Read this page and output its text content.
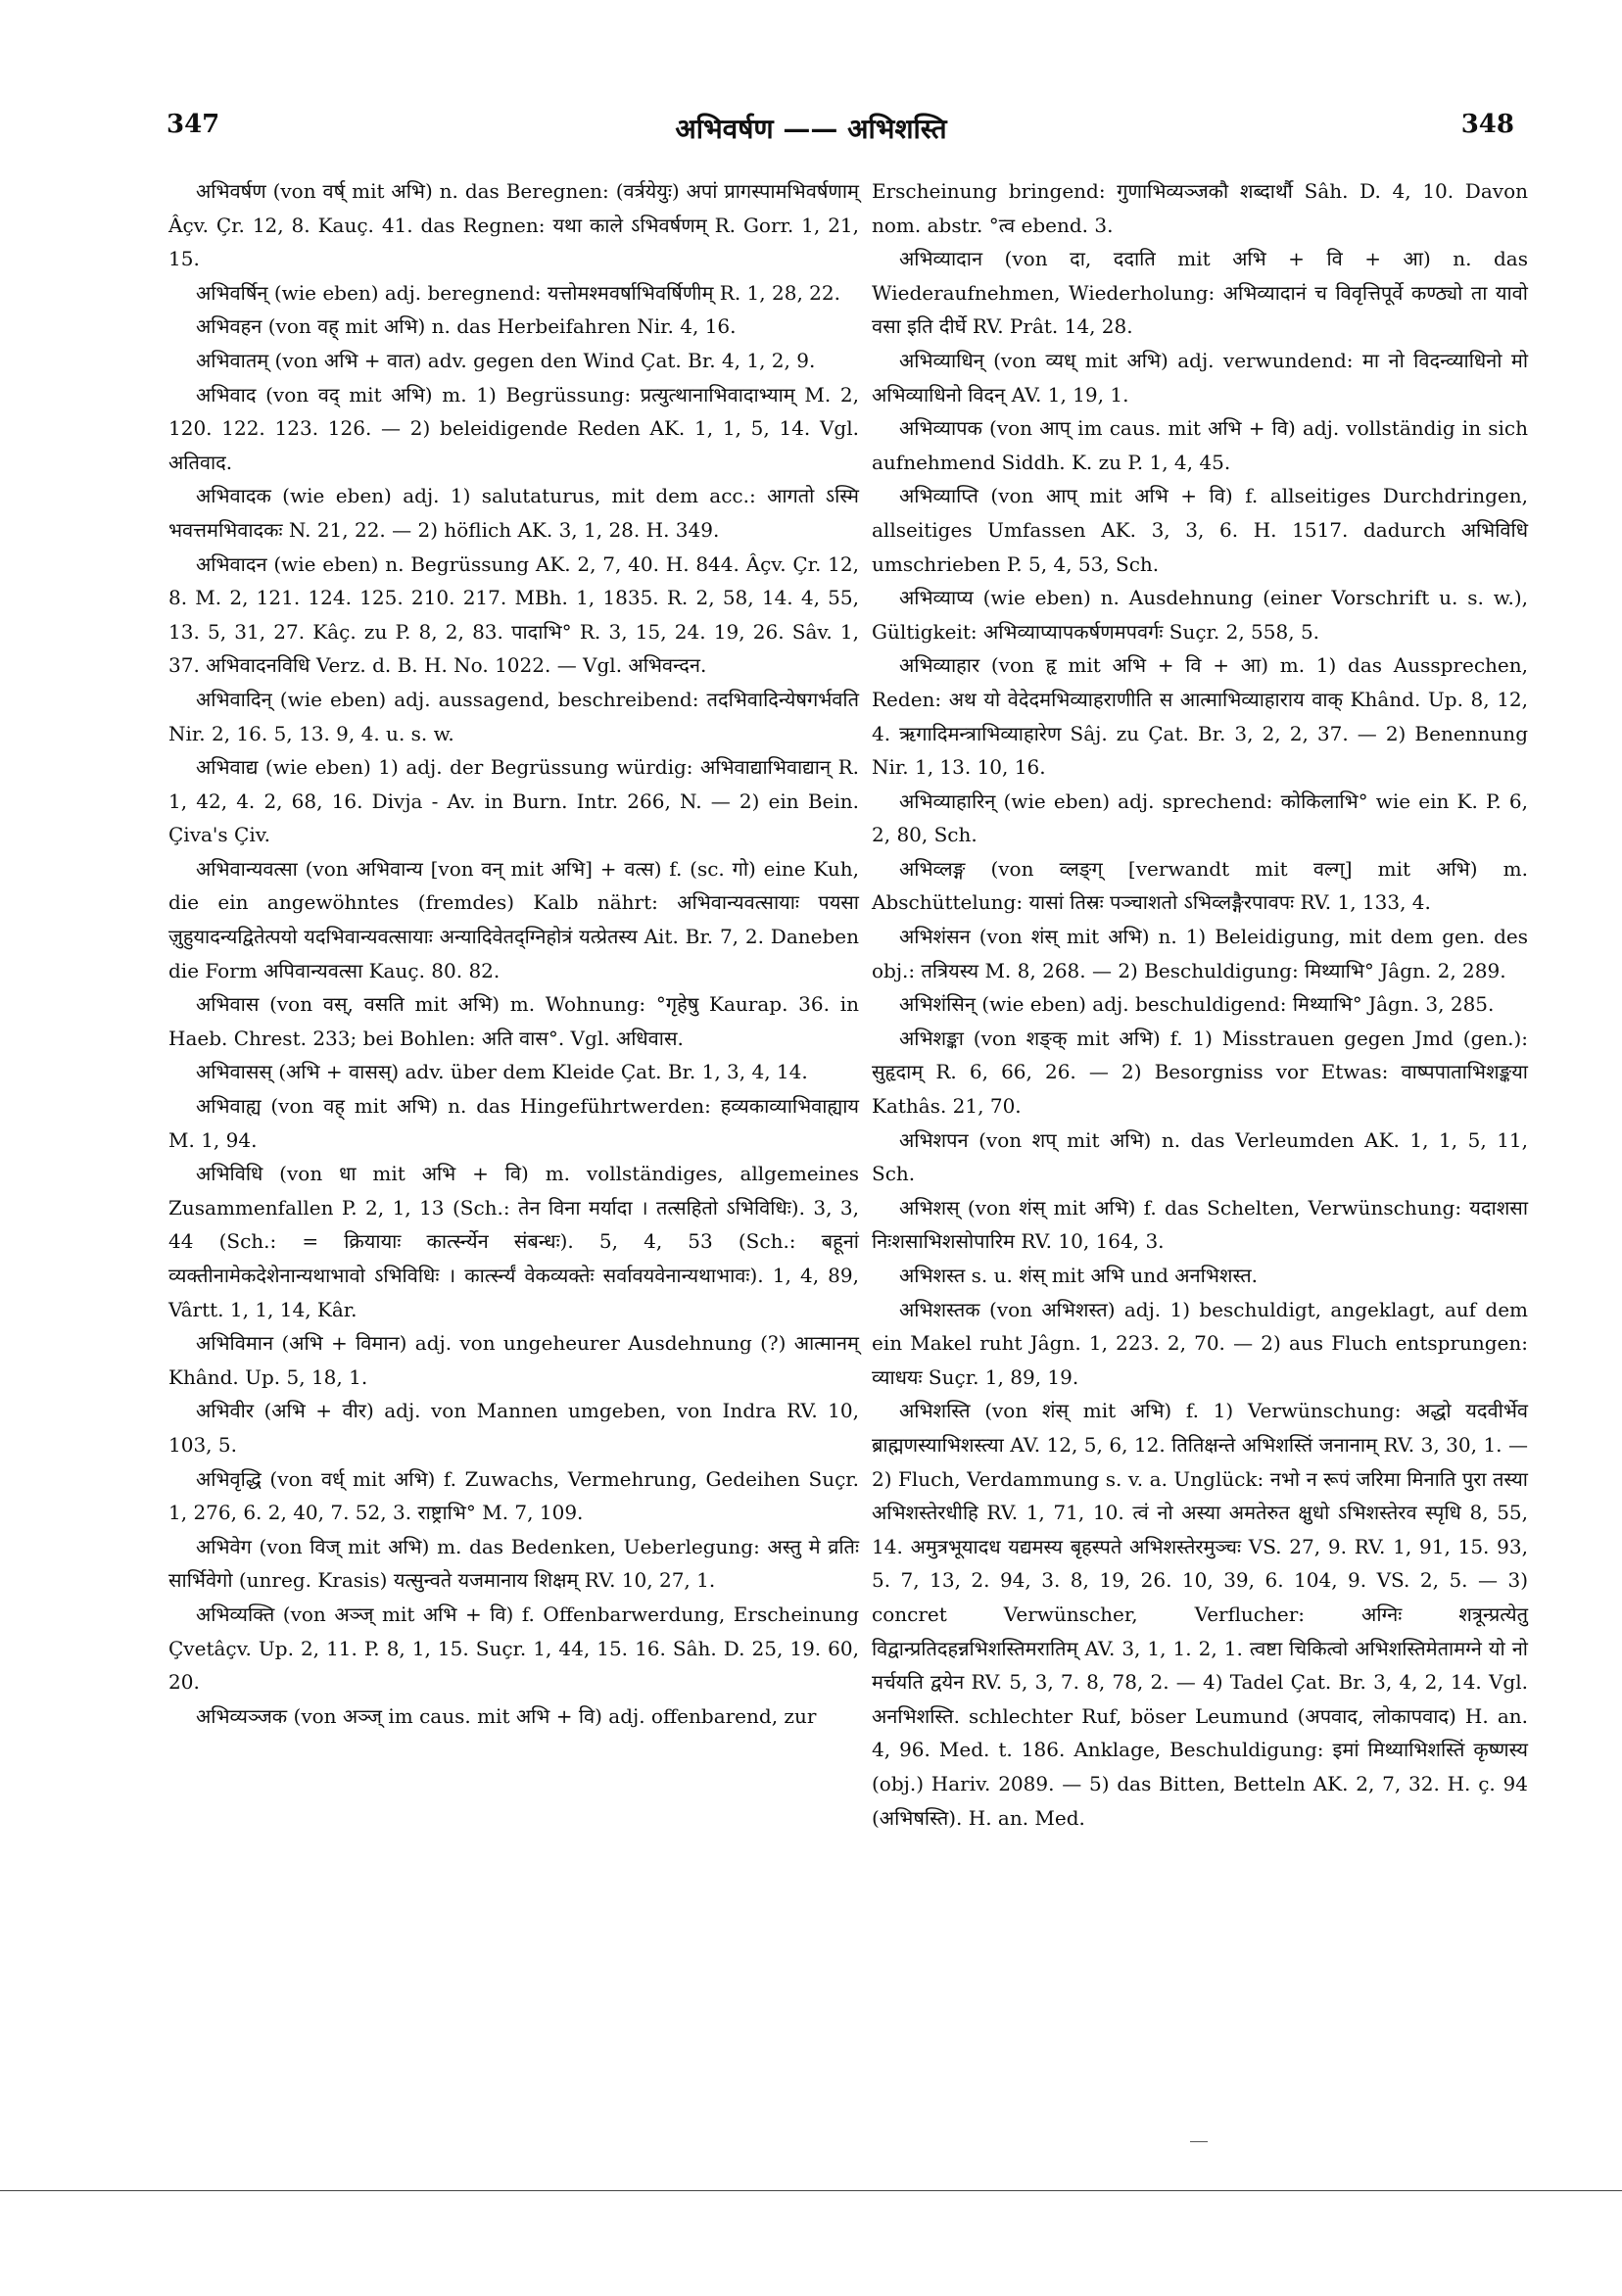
347	अभिवर्षण —— अभिशस्ति	348

अभिवर्षण (von वर्ष् mit अभि) n. das Beregnen: (वर्त्रयेयुः) अपां प्रागस्पामभिवर्षणाम् Âçv. Çr. 12, 8. Kauç. 41. das Regnen: यथा काले ऽभिवर्षणम् R. Gorr. 1, 21, 15.

अभिवर्षिन् (wie eben) adj. beregnend: यत्तोमश्मवर्षाभिवर्षिणीम् R. 1, 28, 22.

अभिवहन (von वह् mit अभि) n. das Herbeifahren Nir. 4, 16.

अभिवातम् (von अभि + वात) adv. gegen den Wind Çat. Br. 4, 1, 2, 9.

अभिवाद (von वद् mit अभि) m. 1) Begrüssung: प्रत्युत्थानाभिवादाभ्याम् M. 2, 120. 122. 123. 126. — 2) beleidigende Reden AK. 1, 1, 5, 14. Vgl. अतिवाद.

अभिवादक (wie eben) adj. 1) salutaturus, mit dem acc.: आगतो ऽस्मि भवत्तमभिवादकः N. 21, 22. — 2) höflich AK. 3, 1, 28. H. 349.

अभिवादन (wie eben) n. Begrüssung AK. 2, 7, 40. H. 844. Âçv. Çr. 12, 8. M. 2, 121. 124. 125. 210. 217. MBh. 1, 1835. R. 2, 58, 14. 4, 55, 13. 5, 31, 27. Kâç. zu P. 8, 2, 83. पादाभि° R. 3, 15, 24. 19, 26. Sâv. 1, 37. अभिवादनविधि Verz. d. B. H. No. 1022. — Vgl. अभिवन्दन.

अभिवादिन् (wie eben) adj. aussagend, beschreibend: तदभिवादिन्येषगर्भवति Nir. 2, 16. 5, 13. 9, 4. u. s. w.

अभिवाद्य (wie eben) 1) adj. der Begrüssung würdig: अभिवाद्याभिवाद्यान् R. 1, 42, 4. 2, 68, 16. Divja - Av. in Burn. Intr. 266, N. — 2) ein Bein. Çiva's Çiv.

अभिवान्यवत्सा (von अभिवान्य [von वन् mit अभि] + वत्स) f. (sc. गो) eine Kuh, die ein angewöhntes (fremdes) Kalb nährt: अभिवान्यवत्सायाः पयसा ज़ुहुयादन्यद्वितेत्पयो यदभिवान्यवत्सायाः अन्यादिवेतद्ग्निहोत्रं यत्प्रेतस्य Ait. Br. 7, 2. Daneben die Form अपिवान्यवत्सा Kauç. 80. 82.

अभिवास (von वस्, वसति mit अभि) m. Wohnung: °गृहेषु Kaurap. 36. in Haeb. Chrest. 233; bei Bohlen: अति वास°. Vgl. अधिवास.

अभिवासस् (अभि + वासस्) adv. über dem Kleide Çat. Br. 1, 3, 4, 14.

अभिवाह्य (von वह् mit अभि) n. das Hingeführtwerden: हव्यकाव्याभिवाह्याय M. 1, 94.

अभिविधि (von धा mit अभि + वि) m. vollständiges, allgemeines Zusammenfallen P. 2, 1, 13 (Sch.: तेन विना मर्यादा । तत्सहितो ऽभिविधिः). 3, 3, 44 (Sch.: = क्रियायाः कार्त्स्न्येन संबन्धः). 5, 4, 53 (Sch.: बहूनां व्यक्तीनामेकदेशेनान्यथाभावो ऽभिविधिः । कार्त्स्न्यं वेकव्यक्तेः सर्वावयवेनान्यथाभावः). 1, 4, 89, Vârtt. 1, 1, 14, Kâr.

अभिविमान (अभि + विमान) adj. von ungeheurer Ausdehnung (?) आत्मानम् Khând. Up. 5, 18, 1.

अभिवीर (अभि + वीर) adj. von Mannen umgeben, von Indra RV. 10, 103, 5.

अभिवृद्धि (von वर्ध् mit अभि) f. Zuwachs, Vermehrung, Gedeihen Suçr. 1, 276, 6. 2, 40, 7. 52, 3. राष्ट्राभि° M. 7, 109.

अभिवेग (von विज् mit अभि) m. das Bedenken, Ueberlegung: अस्तु मे व्रतिः सार्भिवेगो (unreg. Krasis) यत्सुन्वते यजमानाय शिक्षम् RV. 10, 27, 1.

अभिव्यक्ति (von अञ्ज् mit अभि + वि) f. Offenbarwerdung, Erscheinung Çvetâçv. Up. 2, 11. P. 8, 1, 15. Suçr. 1, 44, 15. 16. Sâh. D. 25, 19. 60, 20.

अभिव्यञ्जक (von अञ्ज् im caus. mit अभि + वि) adj. offenbarend, zur

Erscheinung bringend: गुणाभिव्यञ्जकौ शब्दार्थौ Sâh. D. 4, 10. Davon nom. abstr. °त्व ebend. 3.

अभिव्यादान (von दा, ददाति mit अभि + वि + आ) n. das Wiederaufnehmen, Wiederholung: अभिव्यादानं च विवृत्तिपूर्वे कण्ठ्यो ता यावो वसा इति दीर्घे RV. Prât. 14, 28.

अभिव्याधिन् (von व्यध् mit अभि) adj. verwundend: मा नो विदन्व्याधिनो मो अभिव्याधिनो विदन् AV. 1, 19, 1.

अभिव्यापक (von आप् im caus. mit अभि + वि) adj. vollständig in sich aufnehmend Siddh. K. zu P. 1, 4, 45.

अभिव्याप्ति (von आप् mit अभि + वि) f. allseitiges Durchdringen, allseitiges Umfassen AK. 3, 3, 6. H. 1517. dadurch अभिविधि umschrieben P. 5, 4, 53, Sch.

अभिव्याप्य (wie eben) n. Ausdehnung (einer Vorschrift u. s. w.), Gültigkeit: अभिव्याप्यापकर्षणमपवर्गः Suçr. 2, 558, 5.

अभिव्याहार (von हृ mit अभि + वि + आ) m. 1) das Aussprechen, Reden: अथ यो वेदेदमभिव्याहराणीति स आत्माभिव्याहाराय वाक् Khând. Up. 8, 12, 4. ऋगादिमन्त्राभिव्याहारेण Sâj. zu Çat. Br. 3, 2, 2, 37. — 2) Benennung Nir. 1, 13. 10, 16.

अभिव्याहारिन् (wie eben) adj. sprechend: कोकिलाभि° wie ein K. P. 6, 2, 80, Sch.

अभिव्लङ्ग (von व्लङ्ग् [verwandt mit वल्ग्] mit अभि) m. Abschüttelung: यासां तिस्रः पञ्चाशतो ऽभिव्लङ्गैरपावपः RV. 1, 133, 4.

अभिशंसन (von शंस् mit अभि) n. 1) Beleidigung, mit dem gen. des obj.: तत्रियस्य M. 8, 268. — 2) Beschuldigung: मिथ्याभि° Jâgn. 2, 289.

अभिशंसिन् (wie eben) adj. beschuldigend: मिथ्याभि° Jâgn. 3, 285.

अभिशङ्का (von शङ्क् mit अभि) f. 1) Misstrauen gegen Jmd (gen.): सुहृदाम् R. 6, 66, 26. — 2) Besorgniss vor Etwas: वाष्पपाताभिशङ्कया Kathâs. 21, 70.

अभिशपन (von शप् mit अभि) n. das Verleumden AK. 1, 1, 5, 11, Sch.

अभिशस् (von शंस् mit अभि) f. das Schelten, Verwünschung: यदाशसा निःशसाभिशसोपारिम RV. 10, 164, 3.

अभिशस्त s. u. शंस् mit अभि und अनभिशस्त.

अभिशस्तक (von अभिशस्त) adj. 1) beschuldigt, angeklagt, auf dem ein Makel ruht Jâgn. 1, 223. 2, 70. — 2) aus Fluch entsprungen: व्याधयः Suçr. 1, 89, 19.

अभिशस्ति (von शंस् mit अभि) f. 1) Verwünschung: अद्धो यदवीर्भेव ब्राह्मणस्याभिशस्त्या AV. 12, 5, 6, 12. तितिक्षन्ते अभिशस्तिं जनानाम् RV. 3, 30, 1. — 2) Fluch, Verdammung s. v. a. Unglück: नभो न रूपं जरिमा मिनाति पुरा तस्या अभिशस्तेरधीहि RV. 1, 71, 10. त्वं नो अस्या अमतेरुत क्षुधो ऽभिशस्तेरव स्पृधि 8, 55, 14. अमुत्रभूयादध यद्यमस्य बृहस्पते अभिशस्तेरमुञ्चः VS. 27, 9. RV. 1, 91, 15. 93, 5. 7, 13, 2. 94, 3. 8, 19, 26. 10, 39, 6. 104, 9. VS. 2, 5. — 3) concret Verwünscher, Verflucher: अग्निः शत्रून्प्रत्येतु विद्वान्प्रतिदहन्नभिशस्तिमरातिम् AV. 3, 1, 1. 2, 1. त्वष्टा चिकित्वो अभिशस्तिमेतामग्ने यो नो मर्चयति द्वयेन RV. 5, 3, 7. 8, 78, 2. — 4) Tadel Çat. Br. 3, 4, 2, 14. Vgl. अनभिशस्ति. schlechter Ruf, böser Leumund (अपवाद, लोकापवाद) H. an. 4, 96. Med. t. 186. Anklage, Beschuldigung: इमां मिथ्याभिशस्तिं कृष्णस्य (obj.) Hariv. 2089. — 5) das Bitten, Betteln AK. 2, 7, 32. H. ç. 94 (अभिषस्ति). H. an. Med.
